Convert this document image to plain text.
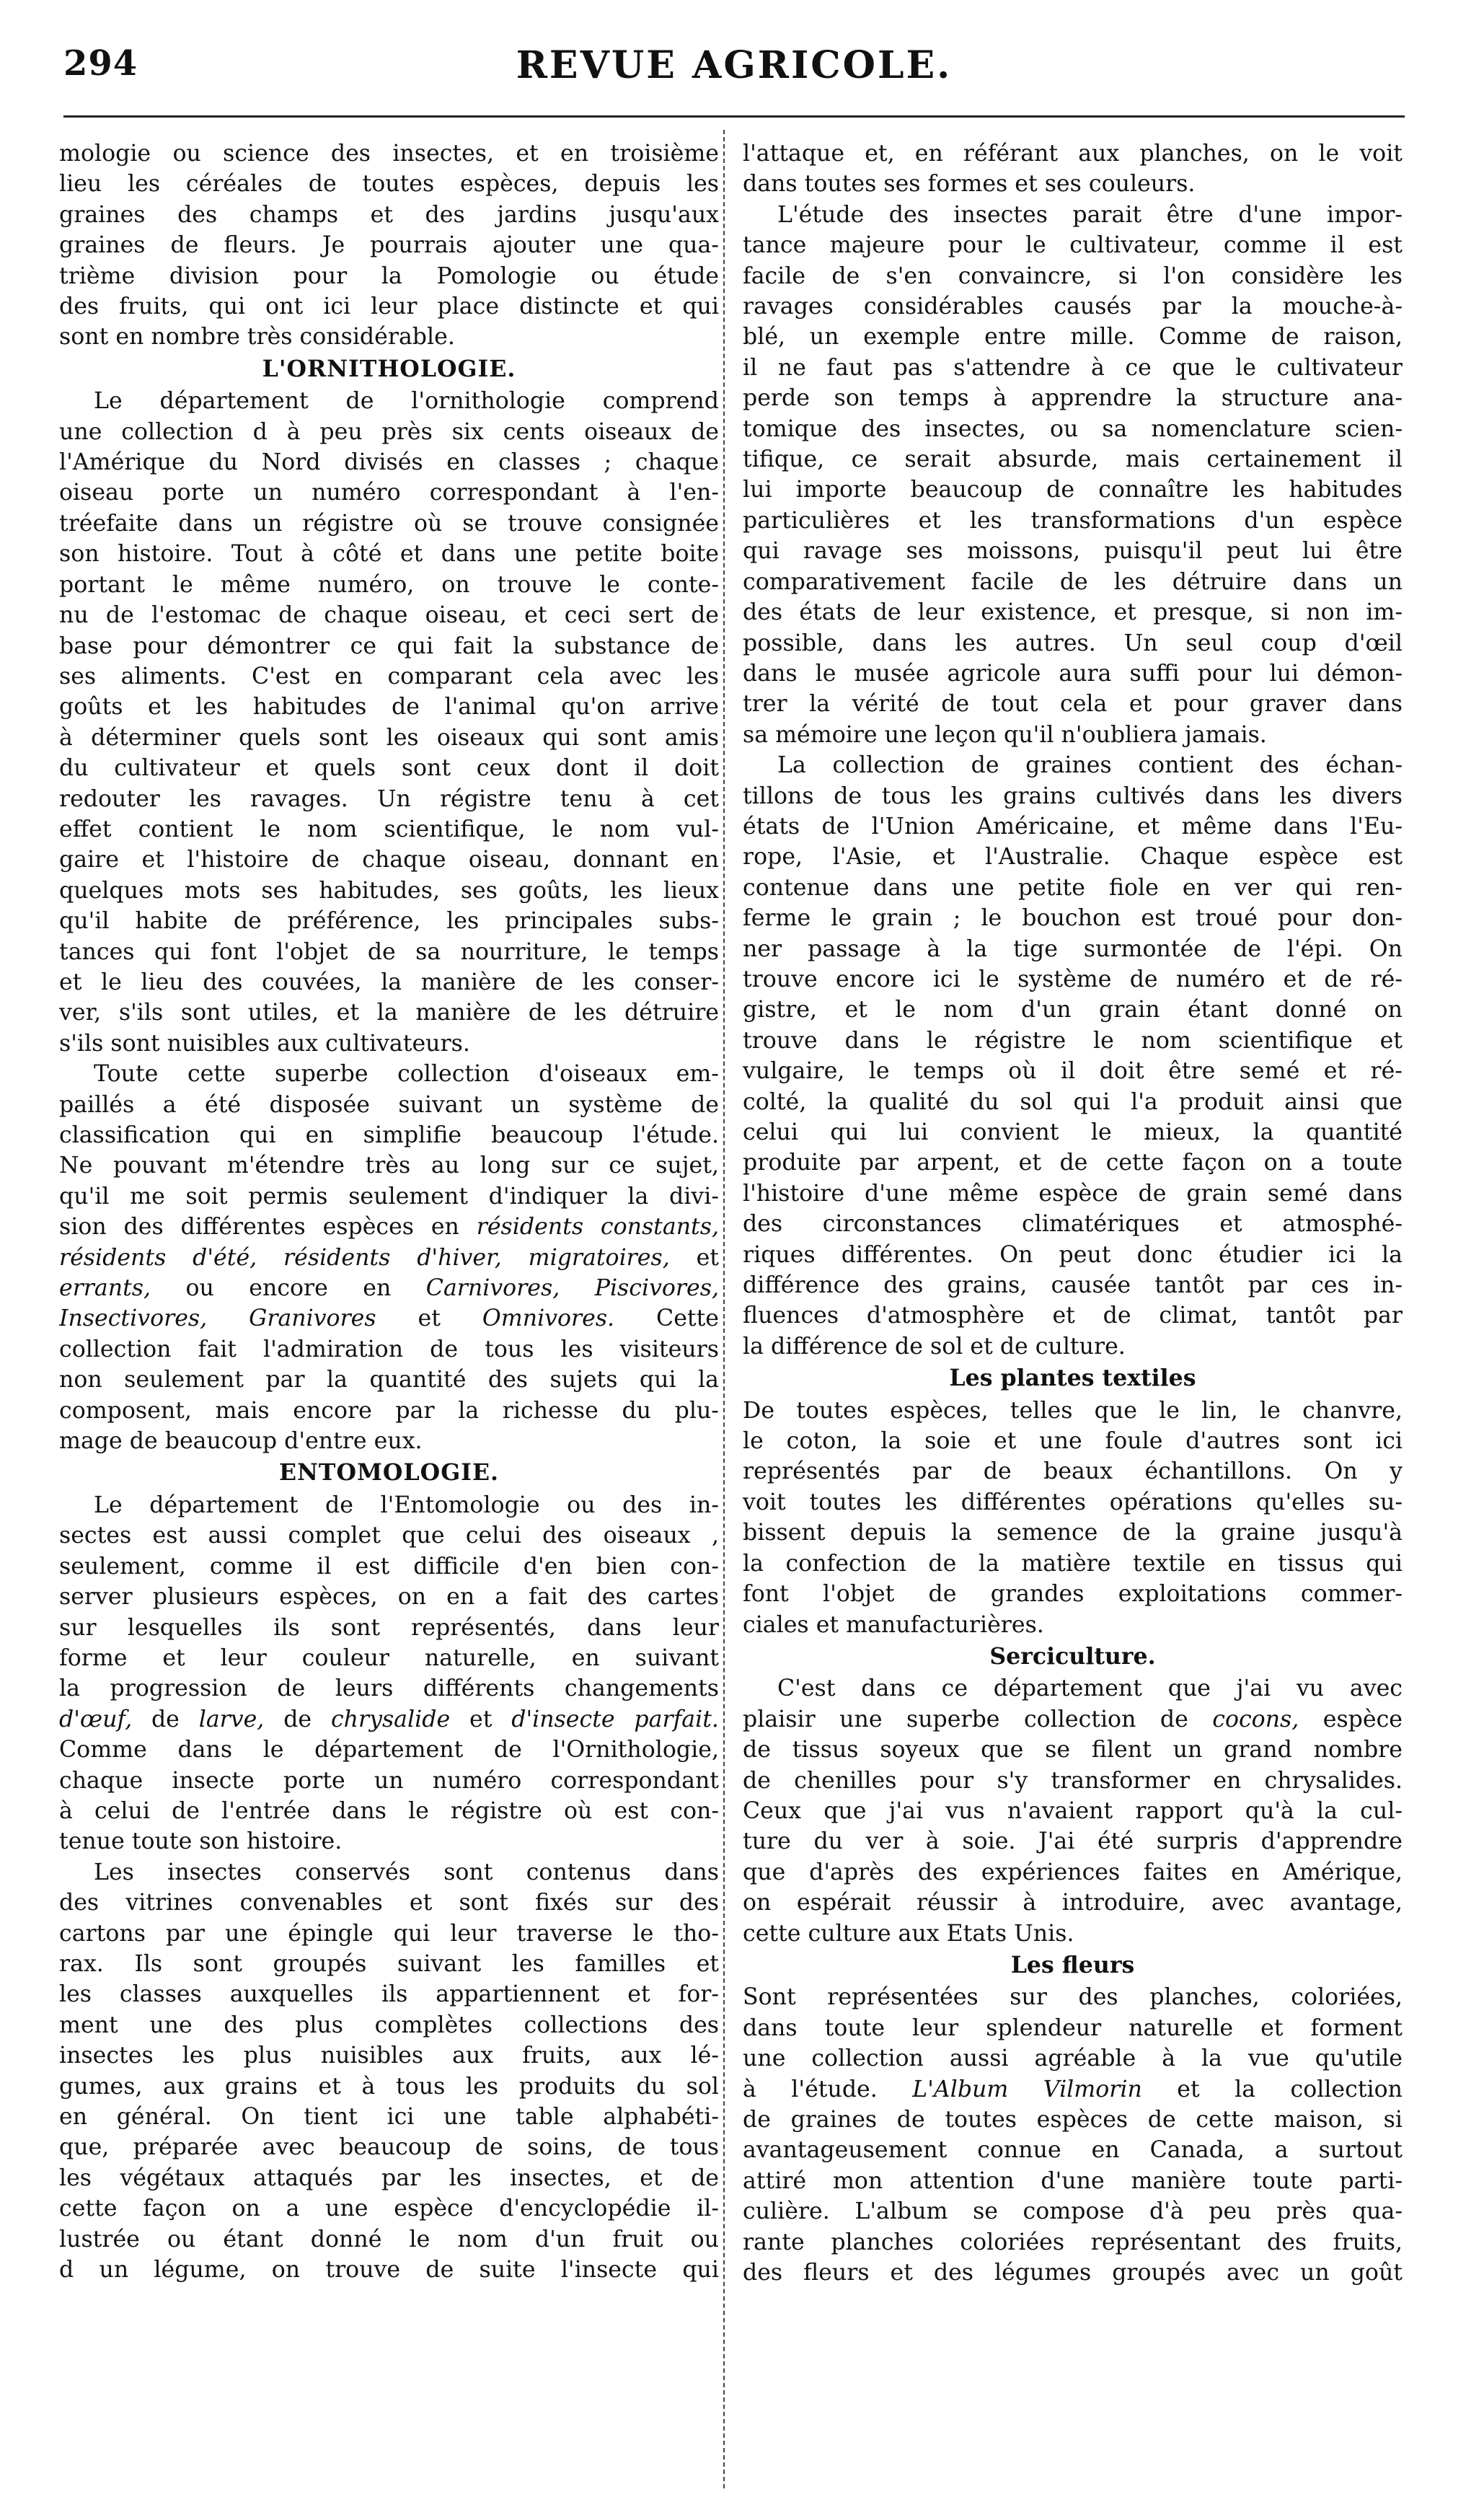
294	REVUE AGRICOLE.
mologie ou science des insectes, et en troisième
lieu les céréales de toutes espèces, depuis les
graines des champs et des jardins jusqu'aux
graines de fleurs. Je pourrais ajouter une qua-
trième division pour la Pomologie ou étude
des fruits, qui ont ici leur place distincte et qui
sont en nombre très considérable.
L'ORNITHOLOGIE.
Le département de l'ornithologie comprend
une collection d à peu près six cents oiseaux de
l'Amérique du Nord divisés en classes ; chaque
oiseau porte un numéro correspondant à l'en-
tréefaite dans un régistre où se trouve consignée
son histoire. Tout à côté et dans une petite boite
portant le même numéro, on trouve le conte-
nu de l'estomac de chaque oiseau, et ceci sert de
base pour démontrer ce qui fait la substance de
ses aliments. C'est en comparant cela avec les
goûts et les habitudes de l'animal qu'on arrive
à déterminer quels sont les oiseaux qui sont amis
du cultivateur et quels sont ceux dont il doit
redouter les ravages. Un régistre tenu à cet
effet contient le nom scientifique, le nom vul-
gaire et l'histoire de chaque oiseau, donnant en
quelques mots ses habitudes, ses goûts, les lieux
qu'il habite de préférence, les principales subs-
tances qui font l'objet de sa nourriture, le temps
et le lieu des couvées, la manière de les conser-
ver, s'ils sont utiles, et la manière de les détruire
s'ils sont nuisibles aux cultivateurs.
Toute cette superbe collection d'oiseaux em-
paillés a été disposée suivant un système de
classification qui en simplifie beaucoup l'étude.
Ne pouvant m'étendre très au long sur ce sujet,
qu'il me soit permis seulement d'indiquer la divi-
sion des différentes espèces en résidents constants,
résidents d'été, résidents d'hiver, migratoires, et
errants, ou encore en Carnivores, Piscivores,
Insectivores, Granivores et Omnivores. Cette
collection fait l'admiration de tous les visiteurs
non seulement par la quantité des sujets qui la
composent, mais encore par la richesse du plu-
mage de beaucoup d'entre eux.
ENTOMOLOGIE.
Le département de l'Entomologie ou des in-
sectes est aussi complet que celui des oiseaux ,
seulement, comme il est difficile d'en bien con-
server plusieurs espèces, on en a fait des cartes
sur lesquelles ils sont représentés, dans leur
forme et leur couleur naturelle, en suivant
la progression de leurs différents changements
d'œuf, de larve, de chrysalide et d'insecte parfait.
Comme dans le département de l'Ornithologie,
chaque insecte porte un numéro correspondant
à celui de l'entrée dans le régistre où est con-
tenue toute son histoire.
Les insectes conservés sont contenus dans
des vitrines convenables et sont fixés sur des
cartons par une épingle qui leur traverse le tho-
rax. Ils sont groupés suivant les familles et
les classes auxquelles ils appartiennent et for-
ment une des plus complètes collections des
insectes les plus nuisibles aux fruits, aux lé-
gumes, aux grains et à tous les produits du sol
en général. On tient ici une table alphabéti-
que, préparée avec beaucoup de soins, de tous
les végétaux attaqués par les insectes, et de
cette façon on a une espèce d'encyclopédie il-
lustrée ou étant donné le nom d'un fruit ou
d un légume, on trouve de suite l'insecte qui
l'attaque et, en référant aux planches, on le voit
dans toutes ses formes et ses couleurs.
L'étude des insectes parait être d'une impor-
tance majeure pour le cultivateur, comme il est
facile de s'en convaincre, si l'on considère les
ravages considérables causés par la mouche-à-
blé, un exemple entre mille. Comme de raison,
il ne faut pas s'attendre à ce que le cultivateur
perde son temps à apprendre la structure ana-
tomique des insectes, ou sa nomenclature scien-
tifique, ce serait absurde, mais certainement il
lui importe beaucoup de connaître les habitudes
particulières et les transformations d'un espèce
qui ravage ses moissons, puisqu'il peut lui être
comparativement facile de les détruire dans un
des états de leur existence, et presque, si non im-
possible, dans les autres. Un seul coup d'œil
dans le musée agricole aura suffi pour lui démon-
trer la vérité de tout cela et pour graver dans
sa mémoire une leçon qu'il n'oubliera jamais.
La collection de graines contient des échan-
tillons de tous les grains cultivés dans les divers
états de l'Union Américaine, et même dans l'Eu-
rope, l'Asie, et l'Australie. Chaque espèce est
contenue dans une petite fiole en ver qui ren-
ferme le grain ; le bouchon est troué pour don-
ner passage à la tige surmontée de l'épi. On
trouve encore ici le système de numéro et de ré-
gistre, et le nom d'un grain étant donné on
trouve dans le régistre le nom scientifique et
vulgaire, le temps où il doit être semé et ré-
colté, la qualité du sol qui l'a produit ainsi que
celui qui lui convient le mieux, la quantité
produite par arpent, et de cette façon on a toute
l'histoire d'une même espèce de grain semé dans
des circonstances climatériques et atmosphé-
riques différentes. On peut donc étudier ici la
différence des grains, causée tantôt par ces in-
fluences d'atmosphère et de climat, tantôt par
la différence de sol et de culture.
Les plantes textiles
De toutes espèces, telles que le lin, le chanvre,
le coton, la soie et une foule d'autres sont ici
représentés par de beaux échantillons. On y
voit toutes les différentes opérations qu'elles su-
bissent depuis la semence de la graine jusqu'à
la confection de la matière textile en tissus qui
font l'objet de grandes exploitations commer-
ciales et manufacturières.
Serciculture.
C'est dans ce département que j'ai vu avec
plaisir une superbe collection de cocons, espèce
de tissus soyeux que se filent un grand nombre
de chenilles pour s'y transformer en chrysalides.
Ceux que j'ai vus n'avaient rapport qu'à la cul-
ture du ver à soie. J'ai été surpris d'apprendre
que d'après des expériences faites en Amérique,
on espérait réussir à introduire, avec avantage,
cette culture aux Etats Unis.
Les fleurs
Sont représentées sur des planches, coloriées,
dans toute leur splendeur naturelle et forment
une collection aussi agréable à la vue qu'utile
à l'étude. L'Album Vilmorin et la collection
de graines de toutes espèces de cette maison, si
avantageusement connue en Canada, a surtout
attiré mon attention d'une manière toute parti-
culière. L'album se compose d'à peu près qua-
rante planches coloriées représentant des fruits,
des fleurs et des légumes groupés avec un goût
